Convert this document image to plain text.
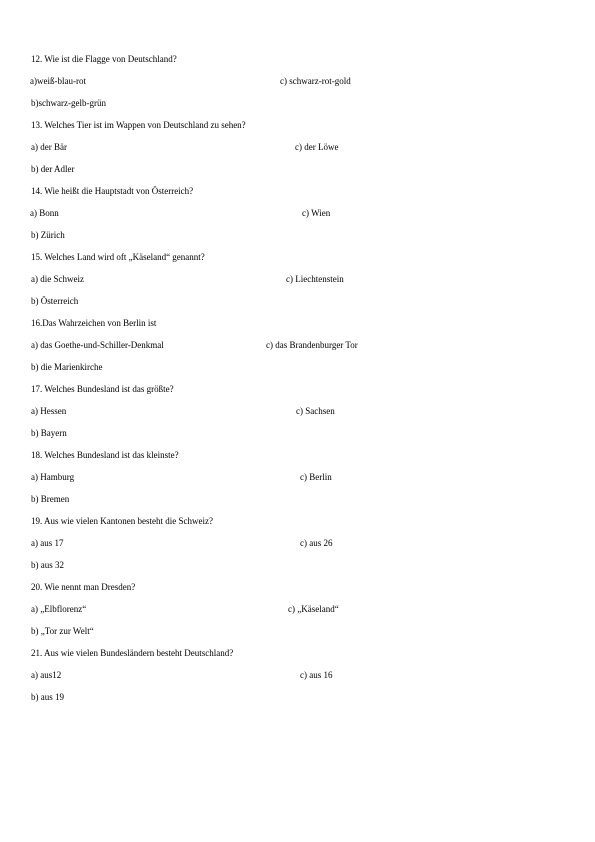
12. Wie ist die Flagge von Deutschland?
a)weiß-blau-rot	c) schwarz-rot-gold
b)schwarz-gelb-grün
13. Welches Tier ist im Wappen von Deutschland zu sehen?
a) der Bär	c) der Löwe
b) der Adler
14. Wie heißt die Hauptstadt von Österreich?
a) Bonn	c) Wien
b) Zürich
15. Welches Land wird oft „Käseland“ genannt?
a) die Schweiz	c) Liechtenstein
b) Österreich
16.Das Wahrzeichen von Berlin ist
a) das Goethe-und-Schiller-Denkmal	c) das Brandenburger Tor
b) die Marienkirche
17. Welches Bundesland ist das größte?
a) Hessen	c) Sachsen
b) Bayern
18. Welches Bundesland ist das kleinste?
a) Hamburg	c) Berlin
b) Bremen
19. Aus wie vielen Kantonen besteht die Schweiz?
a) aus 17	c) aus 26
b) aus 32
20. Wie nennt man Dresden?
a) „Elbflorenz“	c) „Käseland“
b) „Tor zur Welt“
21. Aus wie vielen Bundesländern besteht Deutschland?
a) aus12	c) aus 16
b) aus 19
